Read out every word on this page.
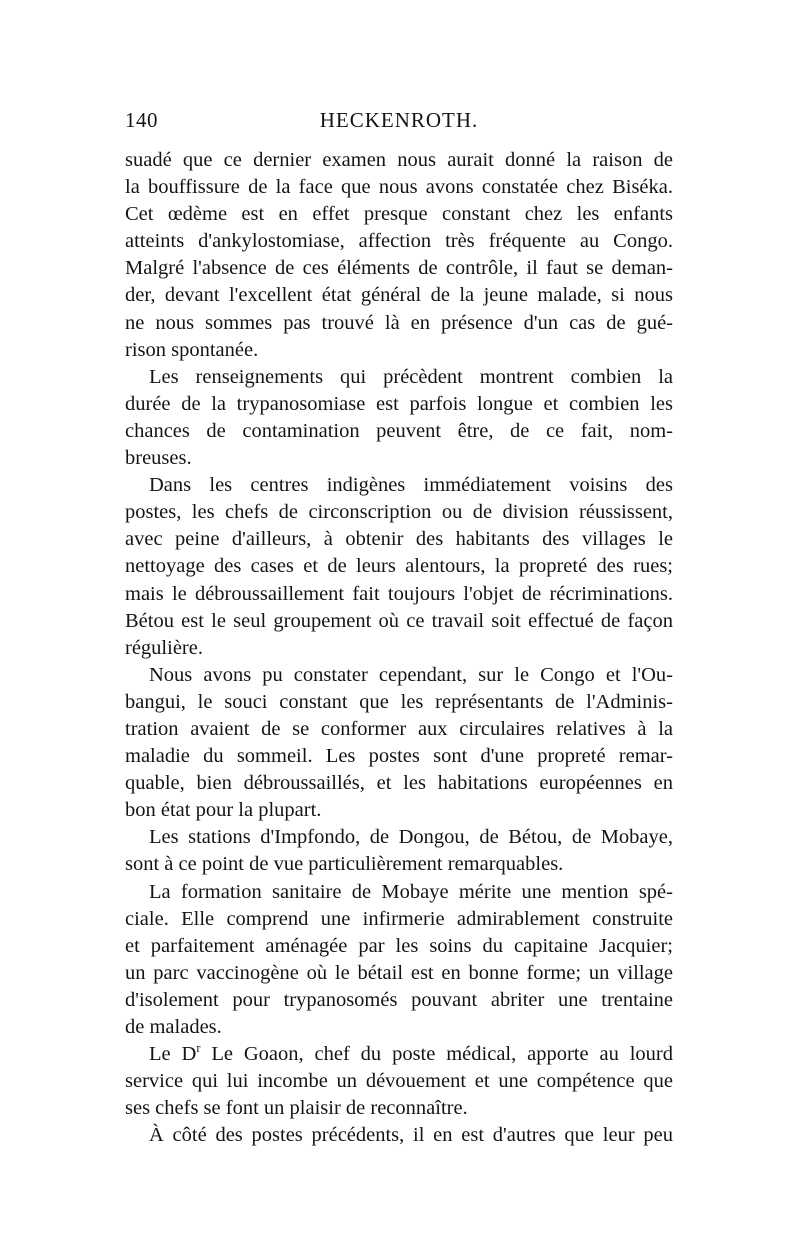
140	HECKENROTH.

suadé que ce dernier examen nous aurait donné la raison de
la bouffissure de la face que nous avons constatée chez Biséka.
Cet œdème est en effet presque constant chez les enfants
atteints d'ankylostomiase, affection très fréquente au Congo.
Malgré l'absence de ces éléments de contrôle, il faut se deman-
der, devant l'excellent état général de la jeune malade, si nous
ne nous sommes pas trouvé là en présence d'un cas de gué-
rison spontanée.

Les renseignements qui précèdent montrent combien la
durée de la trypanosomiase est parfois longue et combien les
chances de contamination peuvent être, de ce fait, nom-
breuses.

Dans les centres indigènes immédiatement voisins des
postes, les chefs de circonscription ou de division réussissent,
avec peine d'ailleurs, à obtenir des habitants des villages le
nettoyage des cases et de leurs alentours, la propreté des rues;
mais le débroussaillement fait toujours l'objet de récriminations.
Bétou est le seul groupement où ce travail soit effectué de façon
régulière.

Nous avons pu constater cependant, sur le Congo et l'Ou-
bangui, le souci constant que les représentants de l'Adminis-
tration avaient de se conformer aux circulaires relatives à la
maladie du sommeil. Les postes sont d'une propreté remar-
quable, bien débroussaillés, et les habitations européennes en
bon état pour la plupart.

Les stations d'Impfondo, de Dongou, de Bétou, de Mobaye,
sont à ce point de vue particulièrement remarquables.

La formation sanitaire de Mobaye mérite une mention spé-
ciale. Elle comprend une infirmerie admirablement construite
et parfaitement aménagée par les soins du capitaine Jacquier;
un parc vaccinogène où le bétail est en bonne forme; un village
d'isolement pour trypanosomés pouvant abriter une trentaine
de malades.

Le $D^r$ Le Goaon, chef du poste médical, apporte au lourd
service qui lui incombe un dévouement et une compétence que
ses chefs se font un plaisir de reconnaître.

À côté des postes précédents, il en est d'autres que leur peu
